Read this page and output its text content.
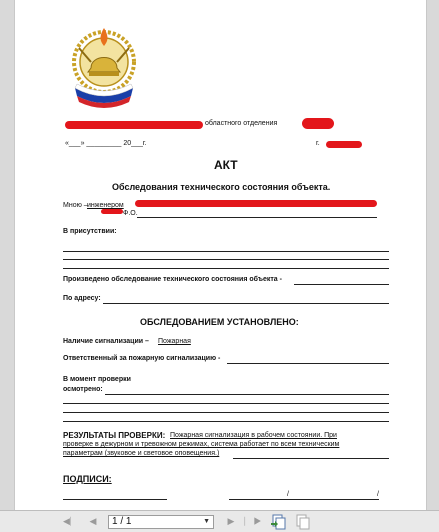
областного отделения
«___» _________ 20___г.	г.
АКТ
Обследования технического состояния объекта.
Мною – инженером
Ф.О.
В присутствии:
Произведено обследование технического состояния объекта -
По адресу:
ОБСЛЕДОВАНИЕМ УСТАНОВЛЕНО:
Наличие сигнализации – Пожарная
Ответственный за пожарную сигнализацию -
В момент проверки
осмотрено:
РЕЗУЛЬТАТЫ ПРОВЕРКИ: Пожарная сигнализация в рабочем состоянии. При
проверке в дежурном и тревожном режимах, система работает по всем техническим
параметрам (звуковое и световое оповещения.)
ПОДПИСИ:
/	/
◀⎸	◀	1 / 1	▼	▶	⎸▶
